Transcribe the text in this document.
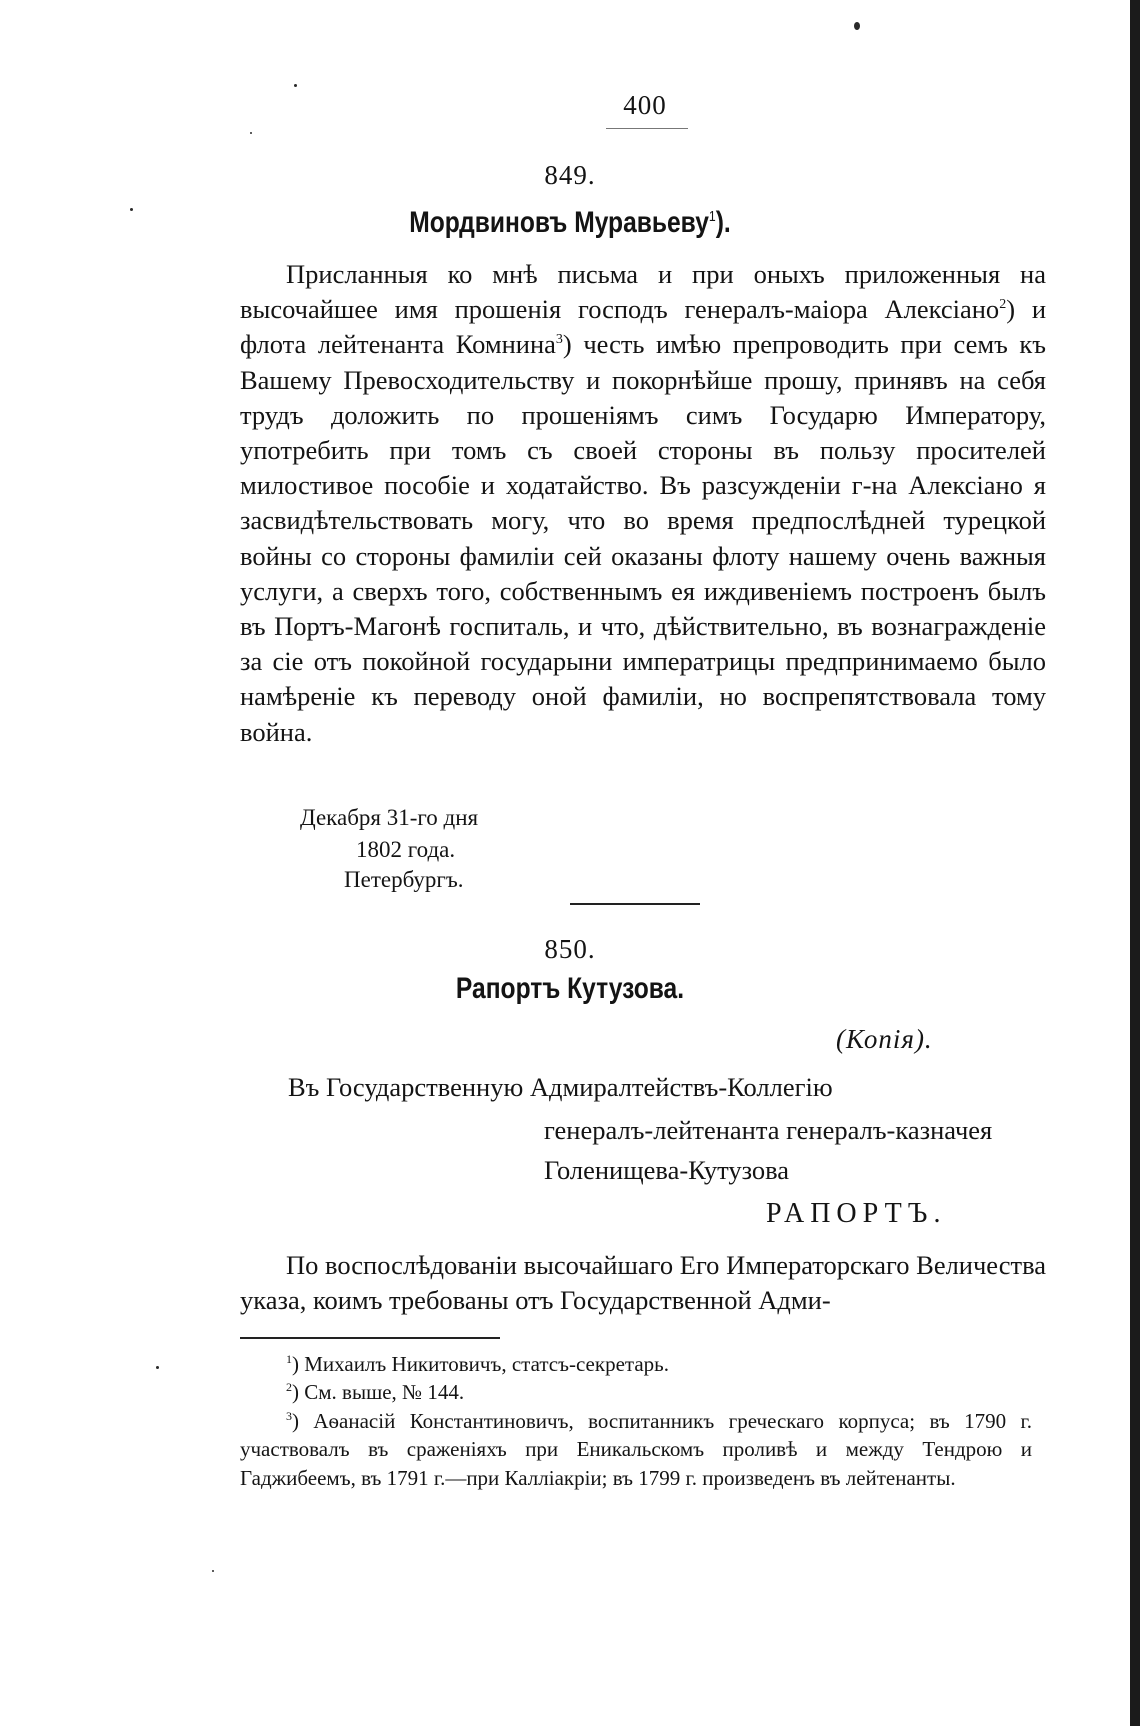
400
849.
Мордвиновъ Муравьеву$^1$).

Присланныя ко мнѣ письма и при оныхъ приложенныя на высочайшее имя прошенія господъ генералъ-маіора Алексіано$^2$) и флота лейтенанта Комнина$^3$) честь имѣю препроводить при семъ къ Вашему Превосходительству и покорнѣйше прошу, принявъ на себя трудъ доложить по прошеніямъ симъ Государю Императору, употребить при томъ съ своей стороны въ пользу просителей милостивое пособіе и ходатайство. Въ разсужденіи г-на Алексіано я засвидѣтельствовать могу, что во время предпослѣдней турецкой войны со стороны фамиліи сей оказаны флоту нашему очень важныя услуги, а сверхъ того, собственнымъ ея иждивеніемъ построенъ былъ въ Портъ-Магонѣ госпиталь, и что, дѣйствительно, въ вознагражденіе за сіе отъ покойной государыни императрицы предпринимаемо было намѣреніе къ переводу оной фамиліи, но воспрепятствовала тому война.

Декабря 31-го дня
1802 года.
Петербургъ.
850.
Рапортъ Кутузова.
(Копія).
Въ Государственную Адмиралтействъ-Коллегію
генералъ-лейтенанта генералъ-казначея
Голенищева-Кутузова
РАПОРТЪ.

По воспослѣдованіи высочайшаго Его Императорскаго Величества указа, коимъ требованы отъ Государственной Адми-

$^1$) Михаилъ Никитовичъ, статсъ-секретарь.

$^2$) См. выше, № 144.

$^3$) Аѳанасій Константиновичъ, воспитанникъ греческаго корпуса; въ 1790 г. участвовалъ въ сраженіяхъ при Еникальскомъ проливѣ и между Тендрою и Гаджибеемъ, въ 1791 г.—при Калліакріи; въ 1799 г. произведенъ въ лейтенанты.
